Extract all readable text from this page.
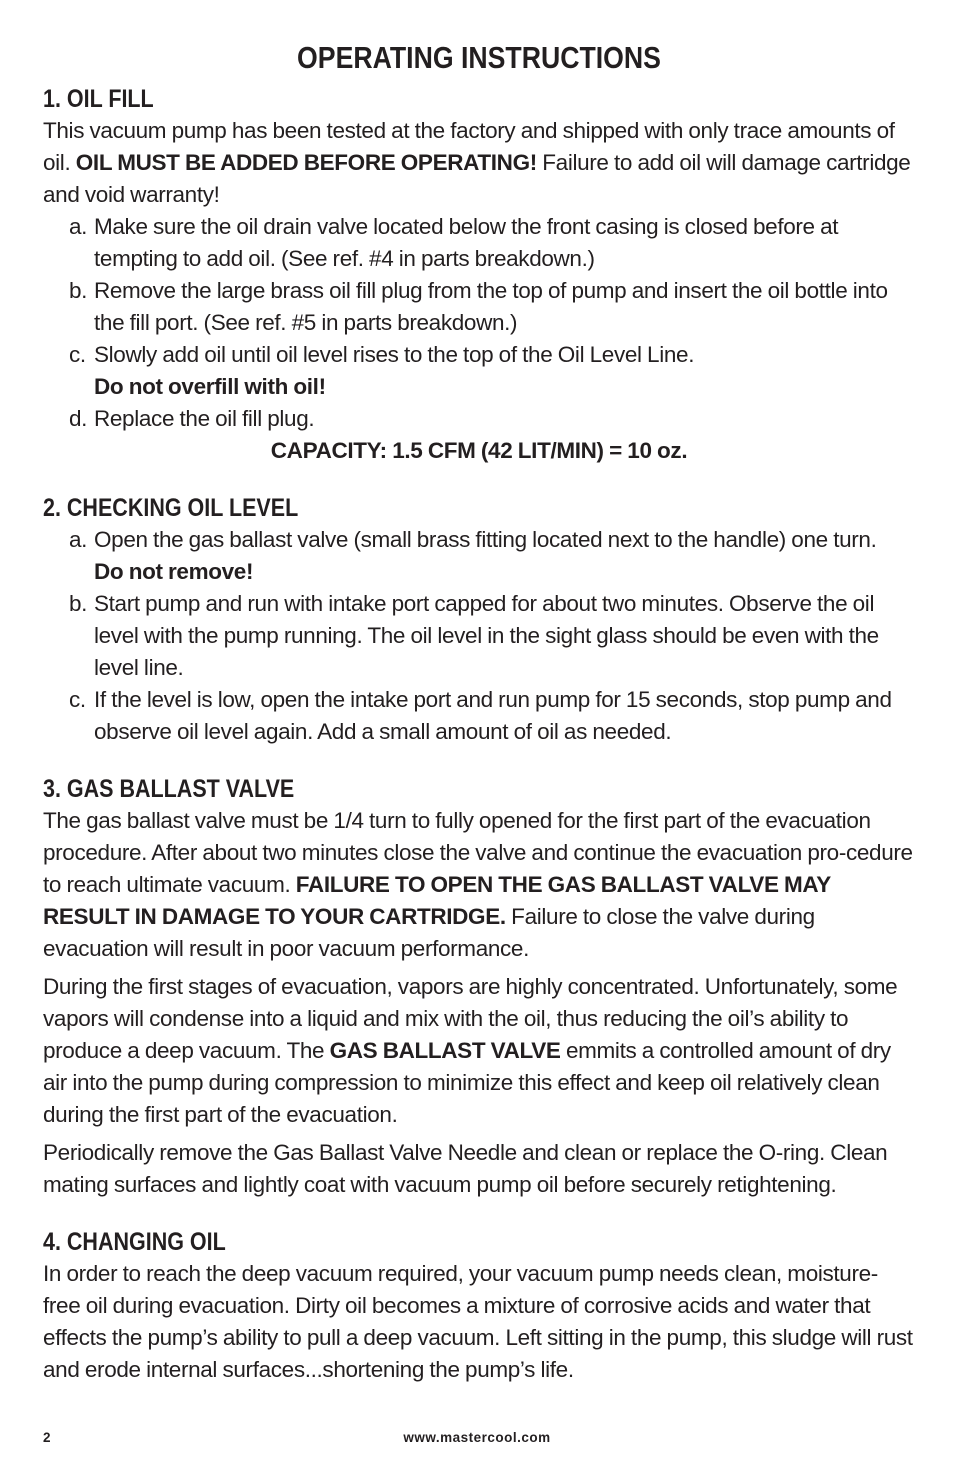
OPERATING INSTRUCTIONS
1. OIL FILL

This vacuum pump has been tested at the factory and shipped with only trace amounts of oil. OIL MUST BE ADDED BEFORE OPERATING! Failure to add oil will damage cartridge and void warranty!

a. Make sure the oil drain valve located below the front casing is closed before at tempting to add oil. (See ref. #4 in parts breakdown.)
b. Remove the large brass oil fill plug from the top of pump and insert the oil bottle into the fill port. (See ref. #5 in parts breakdown.)
c. Slowly add oil until oil level rises to the top of the Oil Level Line.
Do not overfill with oil!
d. Replace the oil fill plug.

CAPACITY: 1.5 CFM (42 LIT/MIN) = 10 oz.

2. CHECKING OIL LEVEL
a. Open the gas ballast valve (small brass fitting located next to the handle) one turn.
Do not remove!
b. Start pump and run with intake port capped for about two minutes. Observe the oil level with the pump running. The oil level in the sight glass should be even with the level line.
c. If the level is low, open the intake port and run pump for 15 seconds, stop pump and observe oil level again. Add a small amount of oil as needed.
3. GAS BALLAST VALVE

The gas ballast valve must be 1/4 turn to fully opened for the first part of the evacuation procedure. After about two minutes close the valve and continue the evacuation pro-cedure to reach ultimate vacuum. FAILURE TO OPEN THE GAS BALLAST VALVE MAY RESULT IN DAMAGE TO YOUR CARTRIDGE. Failure to close the valve during evacuation will result in poor vacuum performance.

During the first stages of evacuation, vapors are highly concentrated. Unfortunately, some vapors will condense into a liquid and mix with the oil, thus reducing the oil’s ability to produce a deep vacuum. The GAS BALLAST VALVE emmits a controlled amount of dry air into the pump during compression to minimize this effect and keep oil relatively clean during the first part of the evacuation.

Periodically remove the Gas Ballast Valve Needle and clean or replace the O-ring. Clean mating surfaces and lightly coat with vacuum pump oil before securely retightening.

4. CHANGING OIL

In order to reach the deep vacuum required, your vacuum pump needs clean, moisture-free oil during evacuation. Dirty oil becomes a mixture of corrosive acids and water that effects the pump’s ability to pull a deep vacuum. Left sitting in the pump, this sludge will rust and erode internal surfaces...shortening the pump’s life.

2	www.mastercool.com
